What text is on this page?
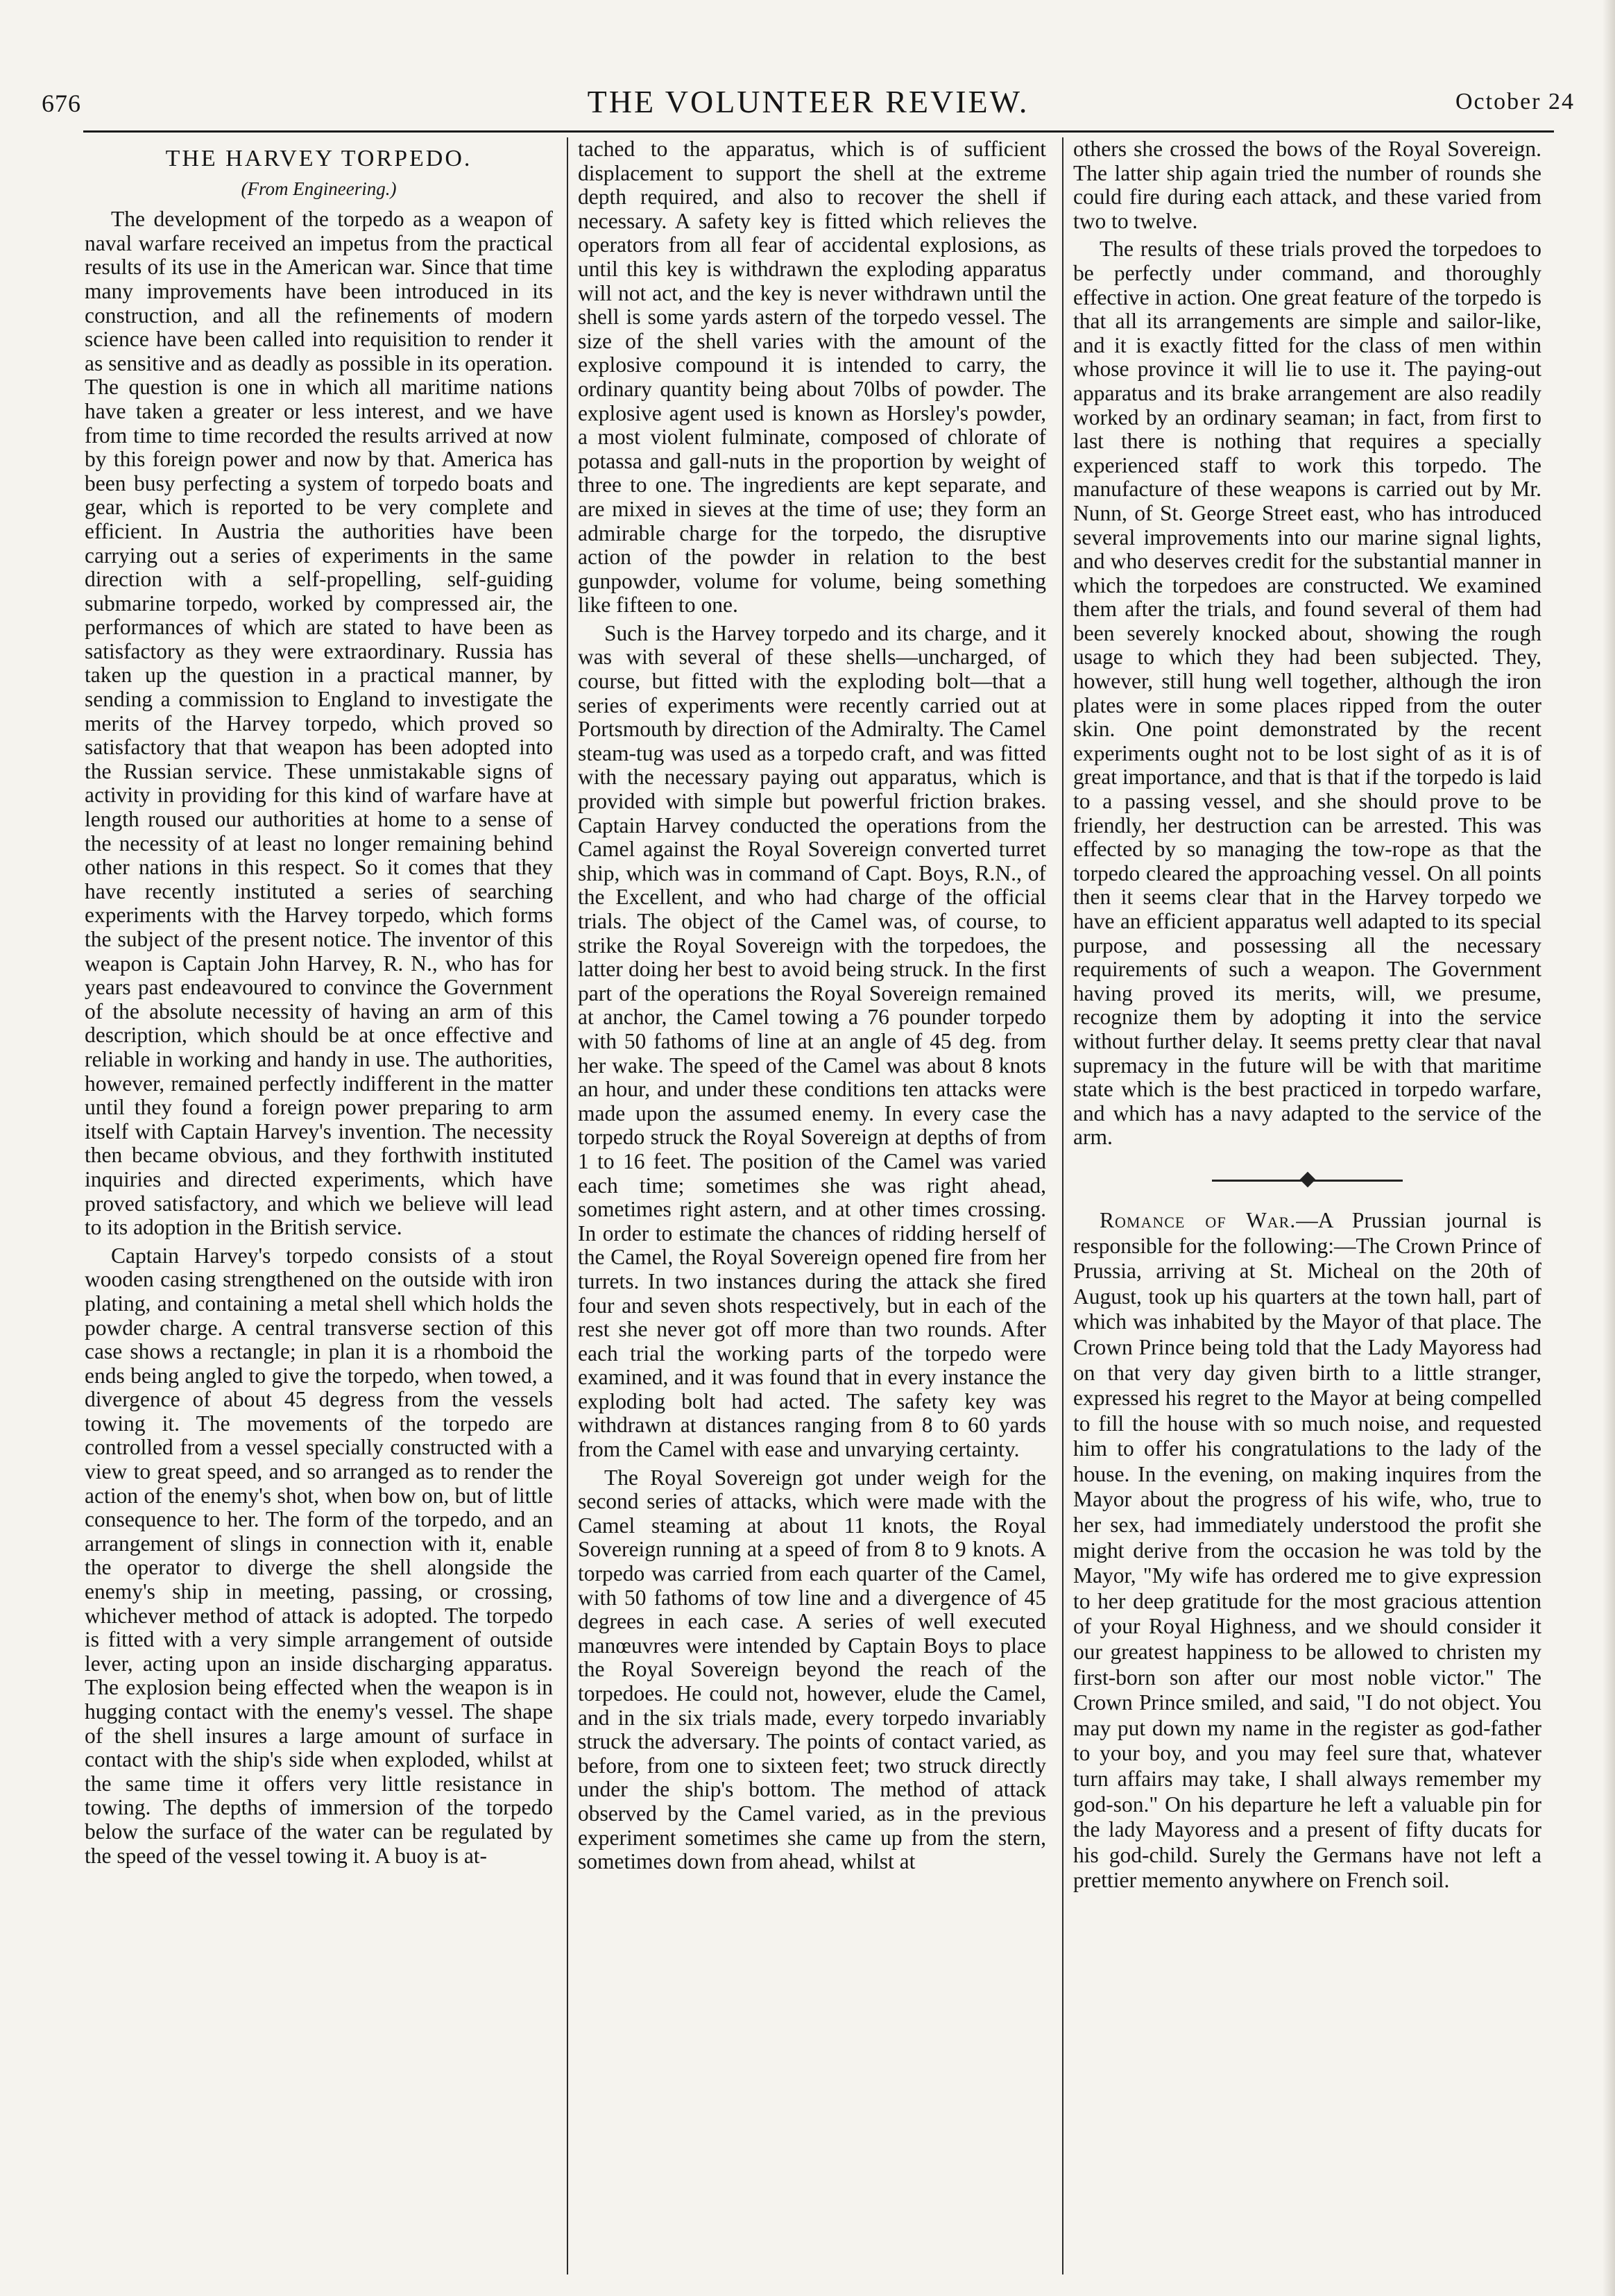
676	THE VOLUNTEER REVIEW.	October 24
THE HARVEY TORPEDO.
(From Engineering.)

The development of the torpedo as a weapon of naval warfare received an impetus from the practical results of its use in the American war. Since that time many improvements have been introduced in its construction, and all the refinements of modern science have been called into requisition to render it as sensitive and as deadly as possible in its operation. The question is one in which all maritime nations have taken a greater or less interest, and we have from time to time recorded the results arrived at now by this foreign power and now by that. America has been busy perfecting a system of torpedo boats and gear, which is reported to be very complete and efficient. In Austria the authorities have been carrying out a series of experiments in the same direction with a self-propelling, self-guiding submarine torpedo, worked by compressed air, the performances of which are stated to have been as satisfactory as they were extraordinary. Russia has taken up the question in a practical manner, by sending a commission to England to investigate the merits of the Harvey torpedo, which proved so satisfactory that that weapon has been adopted into the Russian service. These unmistakable signs of activity in providing for this kind of warfare have at length roused our authorities at home to a sense of the necessity of at least no longer remaining behind other nations in this respect. So it comes that they have recently instituted a series of searching experiments with the Harvey torpedo, which forms the subject of the present notice. The inventor of this weapon is Captain John Harvey, R. N., who has for years past endeavoured to convince the Government of the absolute necessity of having an arm of this description, which should be at once effective and reliable in working and handy in use. The authorities, however, remained perfectly indifferent in the matter until they found a foreign power preparing to arm itself with Captain Harvey's invention. The necessity then became obvious, and they forthwith instituted inquiries and directed experiments, which have proved satisfactory, and which we believe will lead to its adoption in the British service.

Captain Harvey's torpedo consists of a stout wooden casing strengthened on the outside with iron plating, and containing a metal shell which holds the powder charge. A central transverse section of this case shows a rectangle; in plan it is a rhomboid the ends being angled to give the torpedo, when towed, a divergence of about 45 degress from the vessels towing it. The movements of the torpedo are controlled from a vessel specially constructed with a view to great speed, and so arranged as to render the action of the enemy's shot, when bow on, but of little consequence to her. The form of the torpedo, and an arrangement of slings in connection with it, enable the operator to diverge the shell alongside the enemy's ship in meeting, passing, or crossing, whichever method of attack is adopted. The torpedo is fitted with a very simple arrangement of outside lever, acting upon an inside discharging apparatus. The explosion being effected when the weapon is in hugging contact with the enemy's vessel. The shape of the shell insures a large amount of surface in contact with the ship's side when exploded, whilst at the same time it offers very little resistance in towing. The depths of immersion of the torpedo below the surface of the water can be regulated by the speed of the vessel towing it. A buoy is at-

tached to the apparatus, which is of sufficient displacement to support the shell at the extreme depth required, and also to recover the shell if necessary. A safety key is fitted which relieves the operators from all fear of accidental explosions, as until this key is withdrawn the exploding apparatus will not act, and the key is never withdrawn until the shell is some yards astern of the torpedo vessel. The size of the shell varies with the amount of the explosive compound it is intended to carry, the ordinary quantity being about 70lbs of powder. The explosive agent used is known as Horsley's powder, a most violent fulminate, composed of chlorate of potassa and gall-nuts in the proportion by weight of three to one. The ingredients are kept separate, and are mixed in sieves at the time of use; they form an admirable charge for the torpedo, the disruptive action of the powder in relation to the best gunpowder, volume for volume, being something like fifteen to one.

Such is the Harvey torpedo and its charge, and it was with several of these shells—uncharged, of course, but fitted with the exploding bolt—that a series of experiments were recently carried out at Portsmouth by direction of the Admiralty. The Camel steam-tug was used as a torpedo craft, and was fitted with the necessary paying out apparatus, which is provided with simple but powerful friction brakes. Captain Harvey conducted the operations from the Camel against the Royal Sovereign converted turret ship, which was in command of Capt. Boys, R.N., of the Excellent, and who had charge of the official trials. The object of the Camel was, of course, to strike the Royal Sovereign with the torpedoes, the latter doing her best to avoid being struck. In the first part of the operations the Royal Sovereign remained at anchor, the Camel towing a 76 pounder torpedo with 50 fathoms of line at an angle of 45 deg. from her wake. The speed of the Camel was about 8 knots an hour, and under these conditions ten attacks were made upon the assumed enemy. In every case the torpedo struck the Royal Sovereign at depths of from 1 to 16 feet. The position of the Camel was varied each time; sometimes she was right ahead, sometimes right astern, and at other times crossing. In order to estimate the chances of ridding herself of the Camel, the Royal Sovereign opened fire from her turrets. In two instances during the attack she fired four and seven shots respectively, but in each of the rest she never got off more than two rounds. After each trial the working parts of the torpedo were examined, and it was found that in every instance the exploding bolt had acted. The safety key was withdrawn at distances ranging from 8 to 60 yards from the Camel with ease and unvarying certainty.

The Royal Sovereign got under weigh for the second series of attacks, which were made with the Camel steaming at about 11 knots, the Royal Sovereign running at a speed of from 8 to 9 knots. A torpedo was carried from each quarter of the Camel, with 50 fathoms of tow line and a divergence of 45 degrees in each case. A series of well executed manœuvres were intended by Captain Boys to place the Royal Sovereign beyond the reach of the torpedoes. He could not, however, elude the Camel, and in the six trials made, every torpedo invariably struck the adversary. The points of contact varied, as before, from one to sixteen feet; two struck directly under the ship's bottom. The method of attack observed by the Camel varied, as in the previous experiment sometimes she came up from the stern, sometimes down from ahead, whilst at

others she crossed the bows of the Royal Sovereign. The latter ship again tried the number of rounds she could fire during each attack, and these varied from two to twelve.

The results of these trials proved the torpedoes to be perfectly under command, and thoroughly effective in action. One great feature of the torpedo is that all its arrangements are simple and sailor-like, and it is exactly fitted for the class of men within whose province it will lie to use it. The paying-out apparatus and its brake arrangement are also readily worked by an ordinary seaman; in fact, from first to last there is nothing that requires a specially experienced staff to work this torpedo. The manufacture of these weapons is carried out by Mr. Nunn, of St. George Street east, who has introduced several improvements into our marine signal lights, and who deserves credit for the substantial manner in which the torpedoes are constructed. We examined them after the trials, and found several of them had been severely knocked about, showing the rough usage to which they had been subjected. They, however, still hung well together, although the iron plates were in some places ripped from the outer skin. One point demonstrated by the recent experiments ought not to be lost sight of as it is of great importance, and that is that if the torpedo is laid to a passing vessel, and she should prove to be friendly, her destruction can be arrested. This was effected by so managing the tow-rope as that the torpedo cleared the approaching vessel. On all points then it seems clear that in the Harvey torpedo we have an efficient apparatus well adapted to its special purpose, and possessing all the necessary requirements of such a weapon. The Government having proved its merits, will, we presume, recognize them by adopting it into the service without further delay. It seems pretty clear that naval supremacy in the future will be with that maritime state which is the best practiced in torpedo warfare, and which has a navy adapted to the service of the arm.

Romance of War.—A Prussian journal is responsible for the following:—The Crown Prince of Prussia, arriving at St. Micheal on the 20th of August, took up his quarters at the town hall, part of which was inhabited by the Mayor of that place. The Crown Prince being told that the Lady Mayoress had on that very day given birth to a little stranger, expressed his regret to the Mayor at being compelled to fill the house with so much noise, and requested him to offer his congratulations to the lady of the house. In the evening, on making inquires from the Mayor about the progress of his wife, who, true to her sex, had immediately understood the profit she might derive from the occasion he was told by the Mayor, "My wife has ordered me to give expression to her deep gratitude for the most gracious attention of your Royal Highness, and we should consider it our greatest happiness to be allowed to christen my first-born son after our most noble victor." The Crown Prince smiled, and said, "I do not object. You may put down my name in the register as god-father to your boy, and you may feel sure that, whatever turn affairs may take, I shall always remember my god-son." On his departure he left a valuable pin for the lady Mayoress and a present of fifty ducats for his god-child. Surely the Germans have not left a prettier memento anywhere on French soil.
